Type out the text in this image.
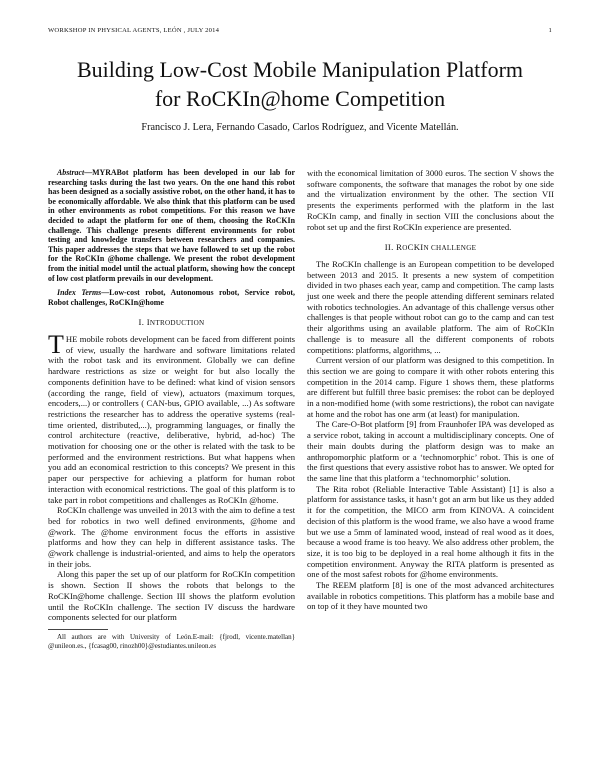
WORKSHOP IN PHYSICAL AGENTS, LEÓN , JULY 2014	1
Building Low-Cost Mobile Manipulation Platform
for RoCKIn@home Competition
Francisco J. Lera, Fernando Casado, Carlos Rodríguez, and Vicente Matellán.

Abstract—MYRABot platform has been developed in our lab for researching tasks during the last two years. On the one hand this robot has been designed as a socially assistive robot, on the other hand, it has to be economically affordable. We also think that this platform can be used in other environments as robot competitions. For this reason we have decided to adapt the platform for one of them, choosing the RoCKIn challenge. This challenge presents different environments for robot testing and knowledge transfers between researchers and companies. This paper addresses the steps that we have followed to set up the robot for the RoCKIn @home challenge. We present the robot development from the initial model until the actual platform, showing how the concept of low cost platform prevails in our development.

Index Terms—Low-cost robot, Autonomous robot, Service robot, Robot challenges, RoCKIn@home

I. INTRODUCTION

THE mobile robots development can be faced from different points of view, usually the hardware and software limitations related with the robot task and its environment. Globally we can define hardware restrictions as size or weight for but also locally the components definition have to be defined: what kind of vision sensors (according the range, field of view), actuators (maximum torques, encoders,...) or controllers ( CAN-bus, GPIO available, ...) As software restrictions the researcher has to address the operative systems (real-time oriented, distributed,...), programming languages, or finally the control architecture (reactive, deliberative, hybrid, ad-hoc) The motivation for choosing one or the other is related with the task to be performed and the environment restrictions. But what happens when you add an economical restriction to this concepts? We present in this paper our perspective for achieving a platform for human robot interaction with economical restrictions. The goal of this platform is to take part in robot competitions and challenges as RoCKIn @home.

RoCKIn challenge was unveiled in 2013 with the aim to define a test bed for robotics in two well defined environments, @home and @work. The @home environment focus the efforts in assistive platforms and how they can help in different assistance tasks. The @work challenge is industrial-oriented, and aims to help the operators in their jobs.

Along this paper the set up of our platform for RoCKIn competition is shown. Section II shows the robots that belongs to the RoCKIn@home challenge. Section III shows the platform evolution until the RoCKIn challenge. The section IV discuss the hardware components selected for our platform

All authors are with University of León.E-mail: {fjrodl, vicente.matellan} @unileon.es., {fcasag00, rinozh00}@estudiantes.unileon.es

with the economical limitation of 3000 euros. The section V shows the software components, the software that manages the robot by one side and the virtualization environment by the other. The section VII presents the experiments performed with the platform in the last RoCKIn camp, and finally in section VIII the conclusions about the robot set up and the first RoCKIn experience are presented.

II. ROCKIN CHALLENGE

The RoCKIn challenge is an European competition to be developed between 2013 and 2015. It presents a new system of competition divided in two phases each year, camp and competition. The camp lasts just one week and there the people attending different seminars related with robotics technologies. An advantage of this challenge versus other challenges is that people without robot can go to the camp and can test their algorithms using an available platform. The aim of RoCKIn challenge is to measure all the different components of robots competitions: platforms, algorithms, ...

Current version of our platform was designed to this competition. In this section we are going to compare it with other robots entering this competition in the 2014 camp. Figure 1 shows them, these platforms are different but fulfill three basic premises: the robot can be deployed in a non-modified home (with some restrictions), the robot can navigate at home and the robot has one arm (at least) for manipulation.

The Care-O-Bot platform [9] from Fraunhofer IPA was developed as a service robot, taking in account a multidisciplinary concepts. One of their main doubts during the platform design was to make an anthropomorphic platform or a ‘technomorphic’ robot. This is one of the first questions that every assistive robot has to answer. We opted for the same line that this platform a ‘technomorphic’ solution.

The Rita robot (Reliable Interactive Table Assistant) [1] is also a platform for assistance tasks, it hasn’t got an arm but like us they added it for the competition, the MICO arm from KINOVA. A coincident decision of this platform is the wood frame, we also have a wood frame but we use a 5mm of laminated wood, instead of real wood as it does, because a wood frame is too heavy. We also address other problem, the size, it is too big to be deployed in a real home although it fits in the competition environment. Anyway the RITA platform is presented as one of the most safest robots for @home environments.

The REEM platform [8] is one of the most advanced architectures available in robotics competitions. This platform has a mobile base and on top of it they have mounted two
